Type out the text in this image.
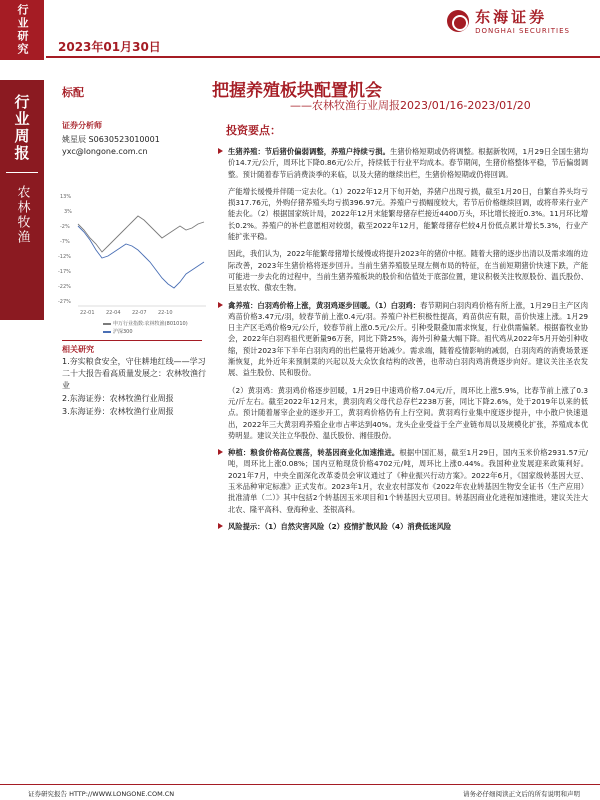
行业研究 2023年01月30日
东海证券
DONGHAI SECURITIES
行业周报
农林牧渔
标配	把握养殖板块配置机会
——农林牧渔行业周报2023/01/16-2023/01/20
证券分析师
姚星辰 S0630523010001
yxc@longone.com.cn
13%
3%
-2%
-7%
-12%
-17%
-22%
-27%
22-01 22-04 22-07 22-10
申万行业指数:农林牧渔(801010)
沪深300
相关研究
1.夯实粮食安全，守住耕地红线——学习二十大报告看高质量发展之：农林牧渔行业
2.东海证券：农林牧渔行业周报
3.东海证券：农林牧渔行业周报
投资要点：
生猪养殖：节后猪价偏弱调整，养殖户持续亏损。生猪价格短期或仍将调整。根据新牧网，1月29日全国生猪均价14.7元/公斤，周环比下降0.86元/公斤，持续低于行业平均成本。春节期间，生猪价格整体平稳，节后偏弱调整。预计随着春节后消费淡季的来临，以及大猪的继续出栏，生猪价格短期或仍将回调。
产能增长缓慢并伴随一定去化。（1）2022年12月下旬开始，养猪户出现亏损，截至1月20日，自繁自养头均亏损317.76元，外购仔猪养殖头均亏损396.97元。养殖户亏损幅度较大，若节后价格继续回调，或将带来行业产能去化。（2）根据国家统计局，2022年12月末能繁母猪存栏接近4400万头，环比增长接近0.3%。11月环比增长0.2%。养殖户的补栏意愿相对较弱，截至2022年12月，能繁母猪存栏较4月份低点累计增长5.3%，行业产能扩张平稳。
因此，我们认为，2022年能繁母猪增长缓慢或将提升2023年的猪价中枢。随着大猪的逐步出清以及需求端的边际改善，2023年生猪价格将逐步回升。当前生猪养殖股呈现左侧布局的特征，在当前短期猪价快速下跌，产能可能进一步去化的过程中，当前生猪养殖板块的股价和估值处于底部位置，建议积极关注牧原股份、温氏股份、巨星农牧、傲农生物。
禽养殖：白羽鸡价格上涨，黄羽鸡逐步回暖。（1）白羽鸡：春节期间白羽肉鸡价格有所上涨，1月29日主产区肉鸡苗价格3.47元/羽，较春节前上涨0.4元/羽。养殖户补栏积极性提高，鸡苗供应有限，苗价快速上涨。1月29日主产区毛鸡价格9元/公斤，较春节前上涨0.5元/公斤。引种受限叠加需求恢复，行业供需偏紧。根据畜牧业协会，2022年白羽鸡祖代更新量96万套，同比下降25%，海外引种量大幅下降。祖代鸡从2022年5月开始引种收缩，预计2023年下半年白羽肉鸡的出栏量将开始减少。需求端，随着疫情影响的减弱，白羽肉鸡的消费场景逐渐恢复，此外近年来预制菜的兴起以及大众饮食结构的改善，也带动白羽肉鸡消费逐步向好。建议关注圣农发展、益生股份、民和股份。
（2）黄羽鸡：黄羽鸡价格逐步回暖，1月29日中速鸡价格7.04元/斤，周环比上涨5.9%，比春节前上涨了0.3元/斤左右。截至2022年12月末，黄羽肉鸡父母代总存栏2238万套，同比下降2.6%，处于2019年以来的低点。预计随着屠宰企业的逐步开工，黄羽鸡价格仍有上行空间。黄羽鸡行业集中度逐步提升，中小散户快速退出，2022年三大黄羽鸡养殖企业市占率达到40%。龙头企业受益于全产业链布局以及规模化扩张，养殖成本优势明显。建议关注立华股份、温氏股份、湘佳股份。
种植：粮食价格高位震荡，转基因商业化加速推进。根据中国汇易，截至1月29日，国内玉米价格2931.57元/吨，周环比上涨0.08%；国内豆粕现货价格4702元/吨，周环比上涨0.44%。我国种业发展迎来政策利好。2021年7月，中央全面深化改革委员会审议通过了《种业振兴行动方案》。2022年6月，《国家级转基因大豆、玉米品种审定标准》正式发布。2023年1月，农业农村部发布《2022年农业转基因生物安全证书（生产应用）批准清单（二）》其中包括2个转基因玉米项目和1个转基因大豆项目。转基因商业化进程加速推进，建议关注大北农、隆平高科、登海种业、荃银高科。
风险提示：（1）自然灾害风险（2）疫情扩散风险（4）消费低迷风险
证券研究报告 HTTP://WWW.LONGONE.COM.CN	请务必仔细阅读正文后的所有说明和声明
